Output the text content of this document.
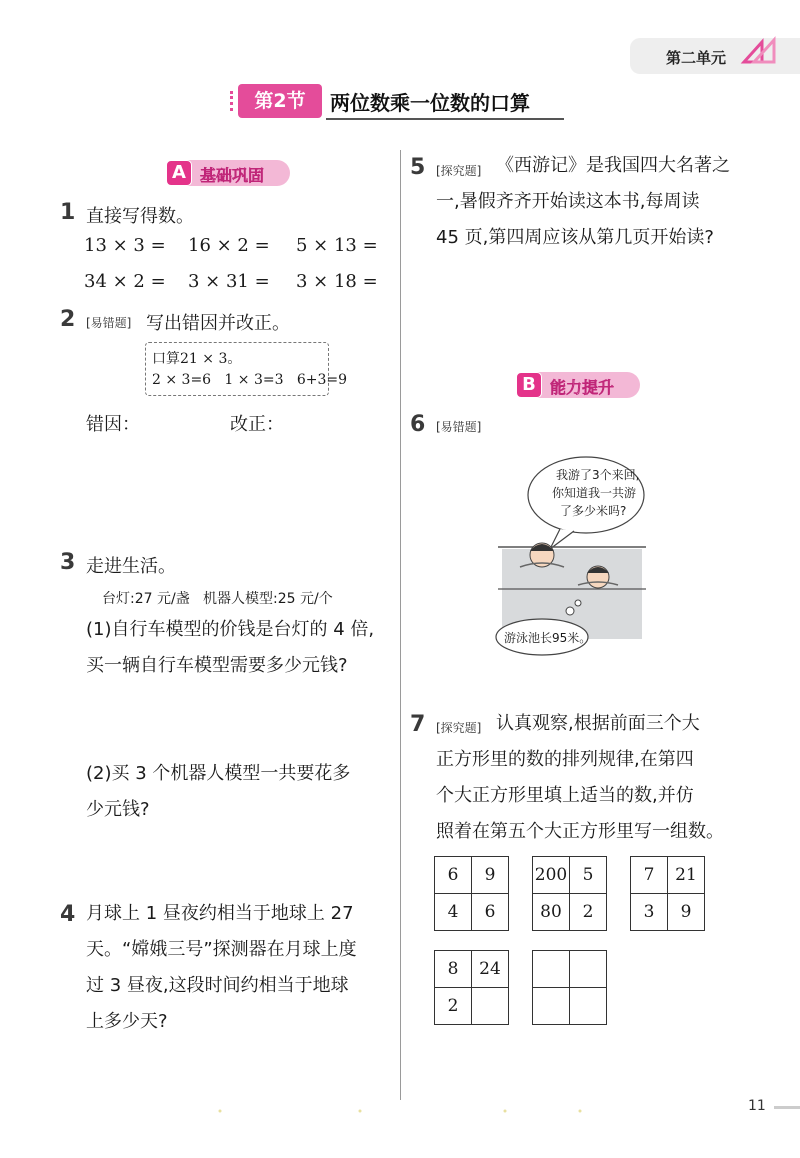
第二单元
第2节	两位数乘一位数的口算
A 基础巩固
1 直接写得数。
13 × 3 = 16 × 2 = 5 × 13 =
34 × 2 = 3 × 31 = 3 × 18 =
2 [易错题] 写出错因并改正。
口算21 × 3。
2 × 3=6   1 × 3=3   6+3=9
错因：	改正：
3 走进生活。
台灯:27 元/盏   机器人模型:25 元/个
(1)自行车模型的价钱是台灯的 4 倍,
买一辆自行车模型需要多少元钱?
(2)买 3 个机器人模型一共要花多
少元钱?
4 月球上 1 昼夜约相当于地球上 27
天。“嫦娥三号”探测器在月球上度
过 3 昼夜,这段时间约相当于地球
上多少天?
5 [探究题] 《西游记》是我国四大名著之
一,暑假齐齐开始读这本书,每周读
45 页,第四周应该从第几页开始读?
B 能力提升
6 [易错题]
我游了3个来回,
你知道我一共游
了多少米吗?
游泳池长95米。
7 [探究题] 认真观察,根据前面三个大
正方形里的数的排列规律,在第四
个大正方形里填上适当的数,并仿
照着在第五个大正方形里写一组数。
6	9
4	6
200	5
80	2
7	21
3	9
8	24
2	

11
